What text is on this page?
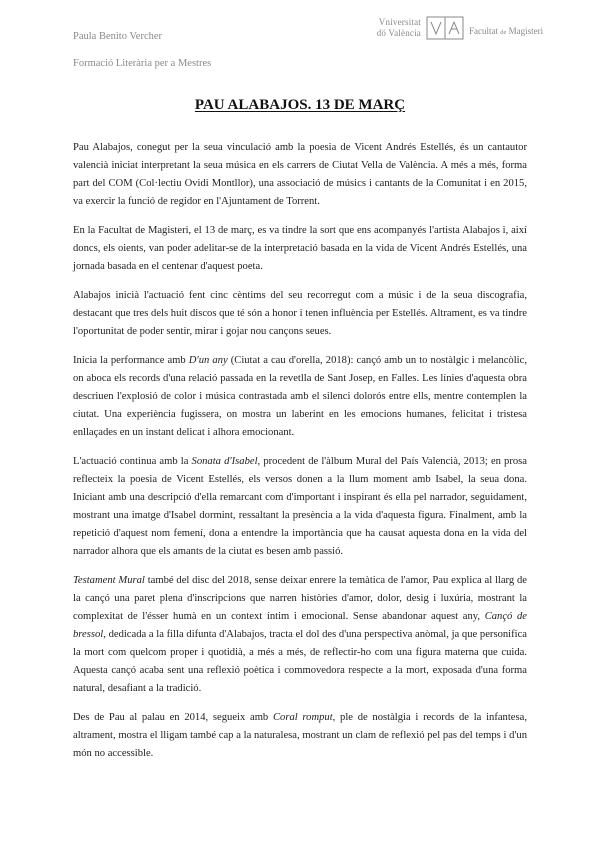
Paula Benito Vercher
Formació Literària per a Mestres
Vniversitat
dö València	Facultat de Magisteri
PAU ALABAJOS. 13 DE MARÇ

Pau Alabajos, conegut per la seua vinculació amb la poesia de Vicent Andrés Estellés, és un cantautor valencià iniciat interpretant la seua música en els carrers de Ciutat Vella de València. A més a més, forma part del COM (Col·lectiu Ovidi Montllor), una associació de músics i cantants de la Comunitat i en 2015, va exercir la funció de regidor en l'Ajuntament de Torrent.

En la Facultat de Magisteri, el 13 de març, es va tindre la sort que ens acompanyés l'artista Alabajos i, així doncs, els oients, van poder adelitar-se de la interpretació basada en la vida de Vicent Andrés Estellés, una jornada basada en el centenar d'aquest poeta.

Alabajos inicià l'actuació fent cinc cèntims del seu recorregut com a músic i de la seua discografia, destacant que tres dels huit discos que té són a honor i tenen influència per Estellés. Altrament, es va tindre l'oportunitat de poder sentir, mirar i gojar nou cançons seues.

Inicia la performance amb D'un any (Ciutat a cau d'orella, 2018): cançó amb un to nostàlgic i melancòlic, on aboca els records d'una relació passada en la revetlla de Sant Josep, en Falles. Les línies d'aquesta obra descriuen l'explosió de color i música contrastada amb el silenci dolorós entre ells, mentre contemplen la ciutat. Una experiència fugissera, on mostra un laberint en les emocions humanes, felicitat i tristesa enllaçades en un instant delicat i alhora emocionant.

L'actuació continua amb la Sonata d'Isabel, procedent de l'àlbum Mural del País Valencià, 2013; en prosa reflecteix la poesia de Vicent Estellés, els versos donen a la llum moment amb Isabel, la seua dona. Iniciant amb una descripció d'ella remarcant com d'important i inspirant és ella pel narrador, seguidament, mostrant una imatge d'Isabel dormint, ressaltant la presència a la vida d'aquesta figura. Finalment, amb la repetició d'aquest nom femení, dona a entendre la importància que ha causat aquesta dona en la vida del narrador alhora que els amants de la ciutat es besen amb passió.

Testament Mural també del disc del 2018, sense deixar enrere la temàtica de l'amor, Pau explica al llarg de la cançó una paret plena d'inscripcions que narren històries d'amor, dolor, desig i luxúria, mostrant la complexitat de l'ésser humà en un context íntim i emocional. Sense abandonar aquest any, Cançó de bressol, dedicada a la filla difunta d'Alabajos, tracta el dol des d'una perspectiva anòmal, ja que personifica la mort com quelcom proper i quotidià, a més a més, de reflectir-ho com una figura materna que cuida. Aquesta cançó acaba sent una reflexió poètica i commovedora respecte a la mort, exposada d'una forma natural, desafiant a la tradició.

Des de Pau al palau en 2014, segueix amb Coral romput, ple de nostàlgia i records de la infantesa, altrament, mostra el lligam també cap a la naturalesa, mostrant un clam de reflexió pel pas del temps i d'un món no accessible.
